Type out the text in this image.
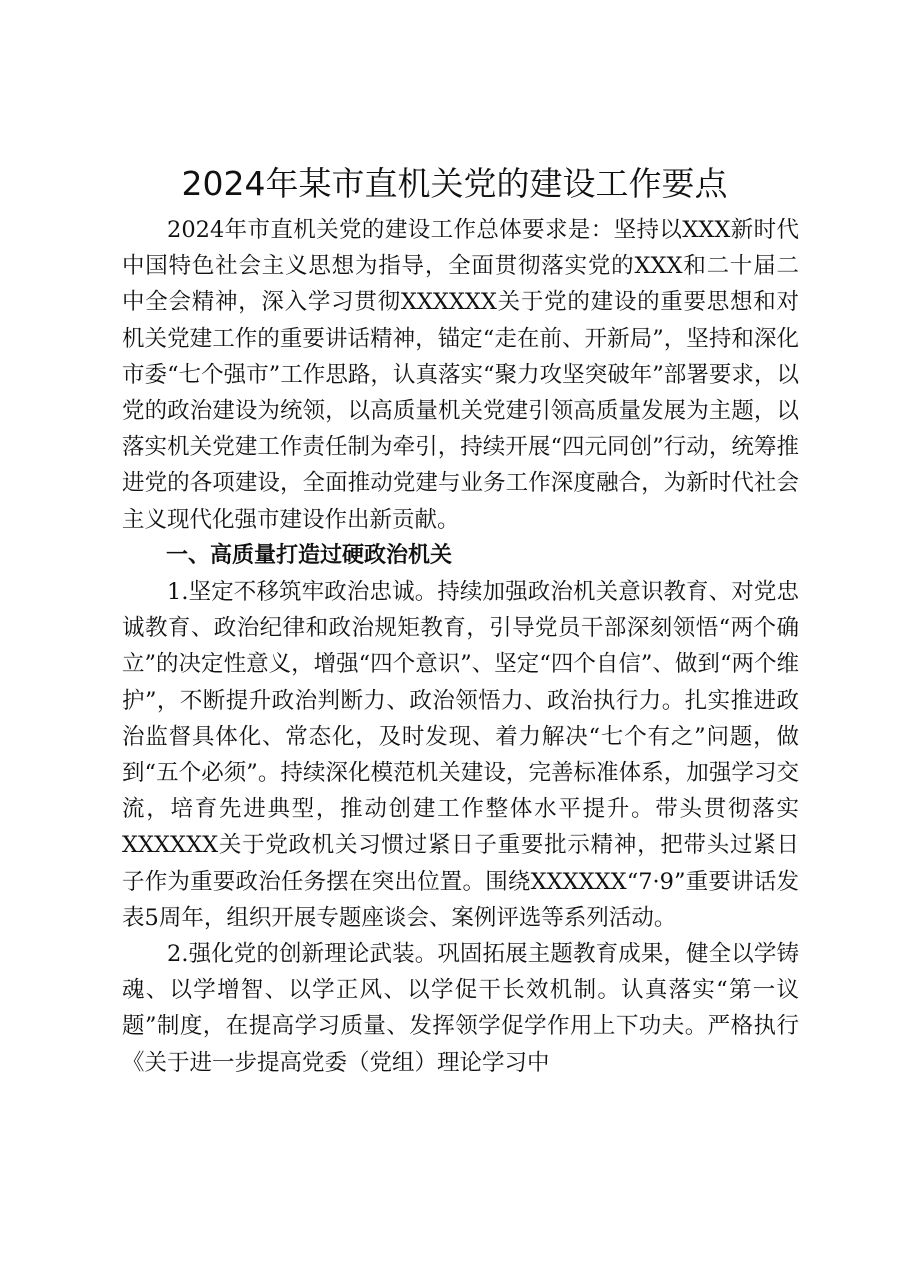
2024年某市直机关党的建设工作要点

2024年市直机关党的建设工作总体要求是：坚持以XXX新时代中国特色社会主义思想为指导，全面贯彻落实党的XXX和二十届二中全会精神，深入学习贯彻XXXXXX关于党的建设的重要思想和对机关党建工作的重要讲话精神，锚定“走在前、开新局”，坚持和深化市委“七个强市”工作思路，认真落实“聚力攻坚突破年”部署要求，以党的政治建设为统领，以高质量机关党建引领高质量发展为主题，以落实机关党建工作责任制为牵引，持续开展“四元同创”行动，统筹推进党的各项建设，全面推动党建与业务工作深度融合，为新时代社会主义现代化强市建设作出新贡献。

一、高质量打造过硬政治机关

1.坚定不移筑牢政治忠诚。持续加强政治机关意识教育、对党忠诚教育、政治纪律和政治规矩教育，引导党员干部深刻领悟“两个确立”的决定性意义，增强“四个意识”、坚定“四个自信”、做到“两个维护”，不断提升政治判断力、政治领悟力、政治执行力。扎实推进政治监督具体化、常态化，及时发现、着力解决“七个有之”问题，做到“五个必须”。持续深化模范机关建设，完善标准体系，加强学习交流，培育先进典型，推动创建工作整体水平提升。带头贯彻落实XXXXXX关于党政机关习惯过紧日子重要批示精神，把带头过紧日子作为重要政治任务摆在突出位置。围绕XXXXXX“7·9”重要讲话发表5周年，组织开展专题座谈会、案例评选等系列活动。

2.强化党的创新理论武装。巩固拓展主题教育成果，健全以学铸魂、以学增智、以学正风、以学促干长效机制。认真落实“第一议题”制度，在提高学习质量、发挥领学促学作用上下功夫。严格执行《关于进一步提高党委（党组）理论学习中
